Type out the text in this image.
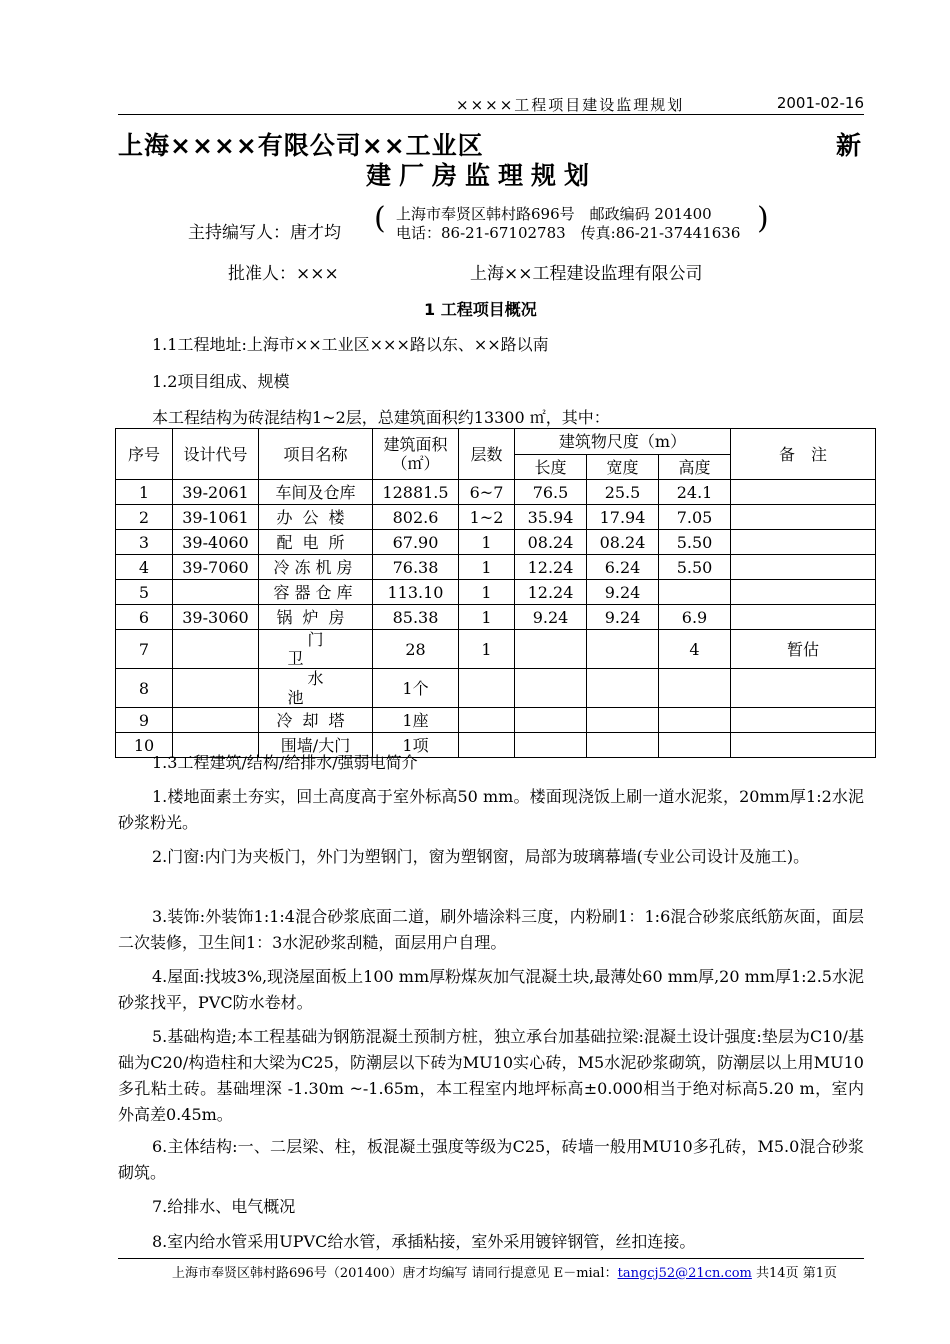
××××工程项目建设监理规划	2001-02-16
上海××××有限公司××工业区	新
建厂房监理规划
主持编写人：唐才均 ( 上海市奉贤区韩村路696号　邮政编码 201400
电话：86-21-67102783　传真:86-21-37441636 )
批准人：×××	上海××工程建设监理有限公司
1 工程项目概况
1.1工程地址:上海市××工业区×××路以东、××路以南
1.2项目组成、规模
本工程结构为砖混结构1~2层，总建筑面积约13300 ㎡，其中：
序号	设计代号	项目名称	建筑面积（㎡）	层数	建筑物尺度（m）			备　注
					长度	宽度	高度	
1	39-2061	车间及仓库	12881.5	6~7	76.5	25.5	24.1	
2	39-1061	办公楼	802.6	1~2	35.94	17.94	7.05	
3	39-4060	配电所	67.90	1	08.24	08.24	5.50	
4	39-7060	冷冻机房	76.38	1	12.24	6.24	5.50	
5		容器仓库	113.10	1	12.24	9.24		
6	39-3060	锅炉房	85.38	1	9.24	9.24	6.9	
7		门卫	28	1			4	暂估
8		水池	1个					
9		冷却塔	1座					
10		围墙/大门	1项					
1.3工程建筑/结构/给排水/强弱电简介
1.楼地面素土夯实，回土高度高于室外标高50 mm。楼面现浇饭上刷一道水泥浆，20mm厚1:2水泥砂浆粉光。
2.门窗:内门为夹板门，外门为塑钢门，窗为塑钢窗，局部为玻璃幕墙(专业公司设计及施工)。
3.装饰:外装饰1:1:4混合砂浆底面二道，刷外墙涂料三度，内粉刷1：1:6混合砂浆底纸筋灰面，面层二次装修，卫生间1：3水泥砂浆刮糙，面层用户自理。
4.屋面:找坡3%,现浇屋面板上100 mm厚粉煤灰加气混凝土块,最薄处60 mm厚,20 mm厚1:2.5水泥砂浆找平，PVC防水卷材。
5.基础构造;本工程基础为钢筋混凝土预制方桩，独立承台加基础拉梁:混凝土设计强度:垫层为C10/基础为C20/构造柱和大梁为C25，防潮层以下砖为MU10实心砖，M5水泥砂浆砌筑，防潮层以上用MU10多孔粘土砖。基础埋深 -1.30m ~-1.65m，本工程室内地坪标高±0.000相当于绝对标高5.20 m，室内外高差0.45m。
6.主体结构:一、二层梁、柱，板混凝土强度等级为C25，砖墙一般用MU10多孔砖，M5.0混合砂浆砌筑。
7.给排水、电气概况
8.室内给水管采用UPVC给水管，承插粘接，室外采用镀锌钢管，丝扣连接。
上海市奉贤区韩村路696号（201400）唐才均编写 请同行提意见 E－mial：tangcj52@21cn.com 共14页 第1页
